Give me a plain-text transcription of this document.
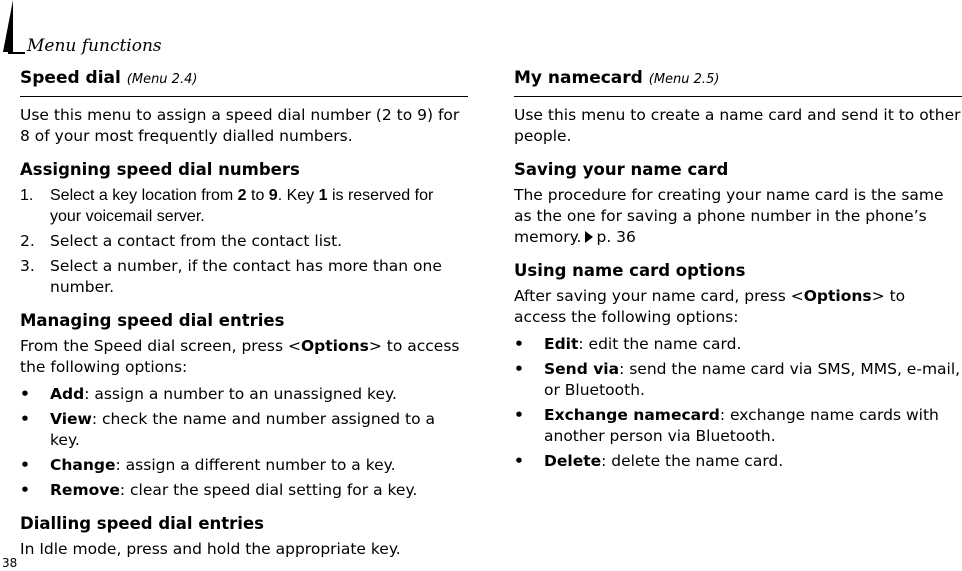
Menu functions
Speed dial (Menu 2.4)

Use this menu to assign a speed dial number (2 to 9) for 8 of your most frequently dialled numbers.

Assigning speed dial numbers
1. Select a key location from 2 to 9. Key 1 is reserved for your voicemail server.
2. Select a contact from the contact list.
3. Select a number, if the contact has more than one number.
Managing speed dial entries

From the Speed dial screen, press <Options> to access the following options:

• Add: assign a number to an unassigned key.
• View: check the name and number assigned to a key.
• Change: assign a different number to a key.
• Remove: clear the speed dial setting for a key.
Dialling speed dial entries

In Idle mode, press and hold the appropriate key.

My namecard (Menu 2.5)

Use this menu to create a name card and send it to other people.

Saving your name card

The procedure for creating your name card is the same as the one for saving a phone number in the phone’s memory. p. 36

Using name card options

After saving your name card, press <Options> to access the following options:

• Edit: edit the name card.
• Send via: send the name card via SMS, MMS, e-mail, or Bluetooth.
• Exchange namecard: exchange name cards with another person via Bluetooth.
• Delete: delete the name card.
38
